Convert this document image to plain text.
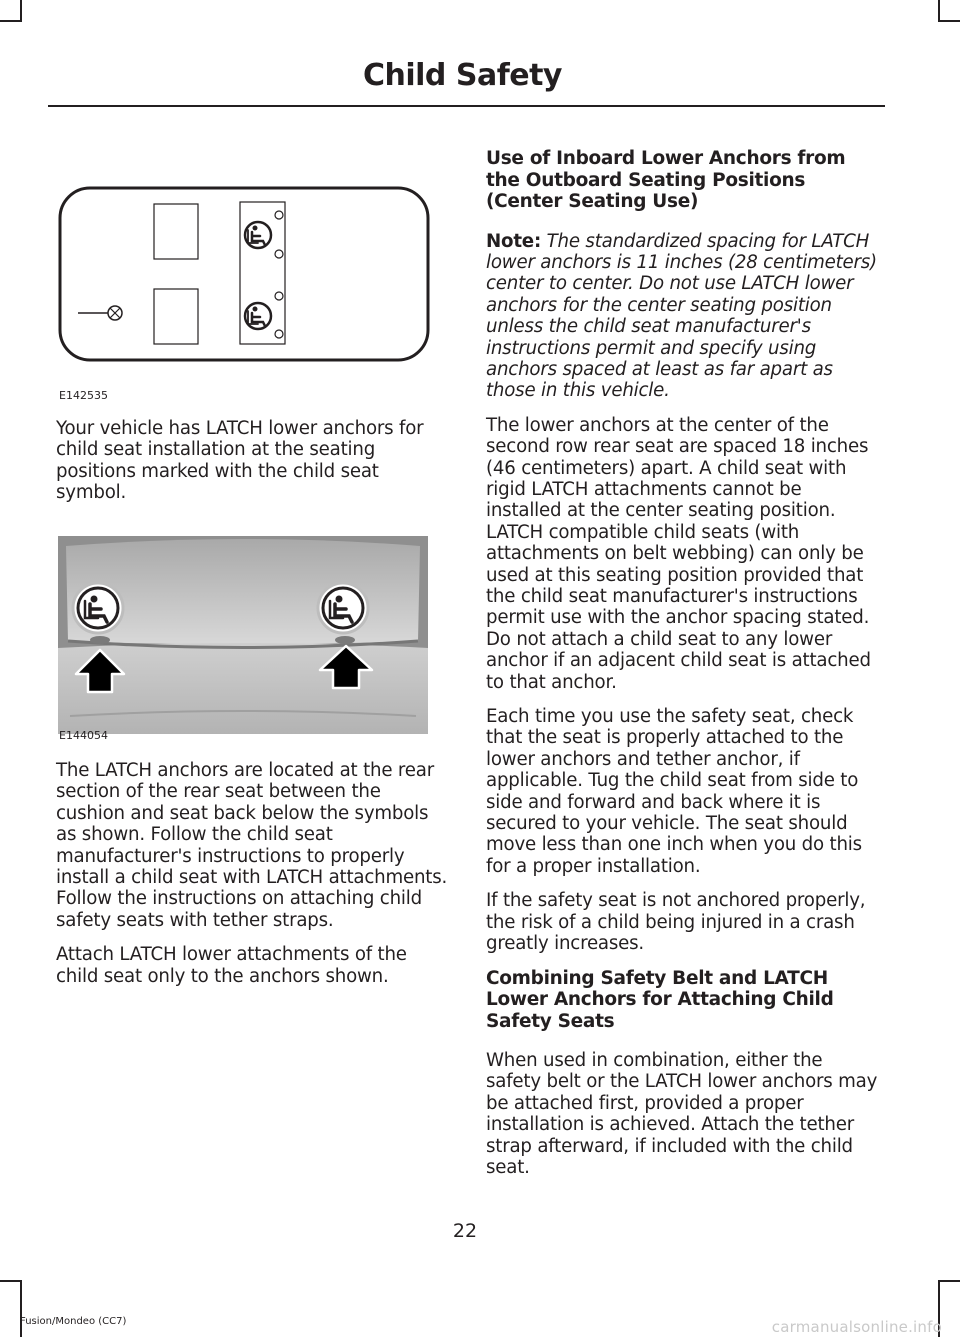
Child Safety
E142535

Your vehicle has LATCH lower anchors for child seat installation at the seating positions marked with the child seat symbol.

E144054

The LATCH anchors are located at the rear section of the rear seat between the cushion and seat back below the symbols as shown. Follow the child seat manufacturer's instructions to properly install a child seat with LATCH attachments. Follow the instructions on attaching child safety seats with tether straps.

Attach LATCH lower attachments of the child seat only to the anchors shown.

Use of Inboard Lower Anchors from the Outboard Seating Positions (Center Seating Use)

Note: The standardized spacing for LATCH lower anchors is 11 inches (28 centimeters) center to center. Do not use LATCH lower anchors for the center seating position unless the child seat manufacturer's instructions permit and specify using anchors spaced at least as far apart as those in this vehicle.

The lower anchors at the center of the second row rear seat are spaced 18 inches (46 centimeters) apart. A child seat with rigid LATCH attachments cannot be installed at the center seating position. LATCH compatible child seats (with attachments on belt webbing) can only be used at this seating position provided that the child seat manufacturer's instructions permit use with the anchor spacing stated. Do not attach a child seat to any lower anchor if an adjacent child seat is attached to that anchor.

Each time you use the safety seat, check that the seat is properly attached to the lower anchors and tether anchor, if applicable. Tug the child seat from side to side and forward and back where it is secured to your vehicle. The seat should move less than one inch when you do this for a proper installation.

If the safety seat is not anchored properly, the risk of a child being injured in a crash greatly increases.

Combining Safety Belt and LATCH Lower Anchors for Attaching Child Safety Seats

When used in combination, either the safety belt or the LATCH lower anchors may be attached first, provided a proper installation is achieved. Attach the tether strap afterward, if included with the child seat.

22
Fusion/Mondeo (CC7)	carmanualsonline.info
